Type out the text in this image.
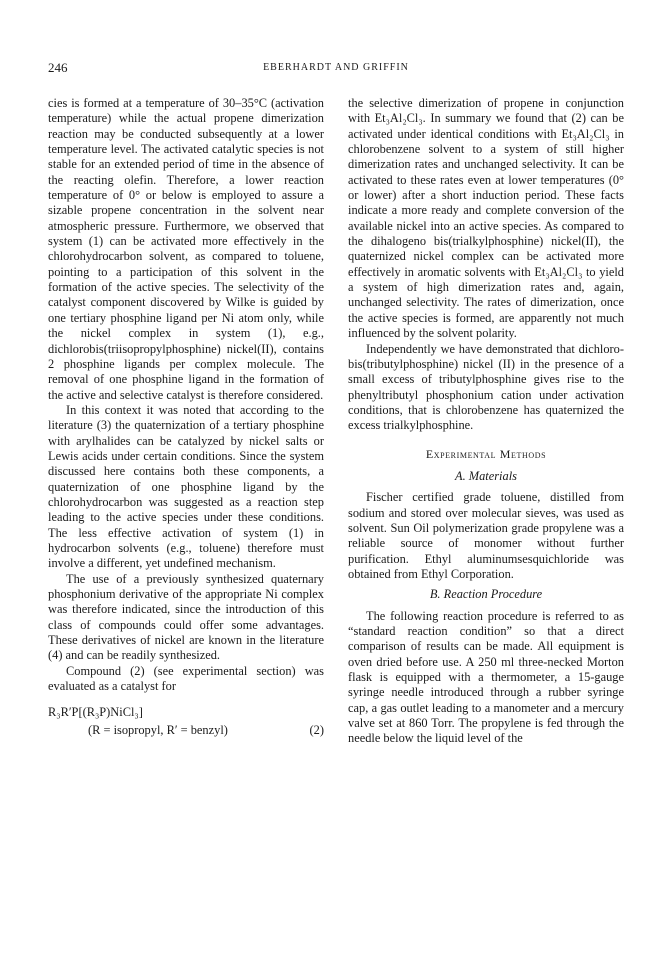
246	EBERHARDT AND GRIFFIN

cies is formed at a temperature of 30–35°C (activation temperature) while the actual propene dimerization reaction may be conducted subsequently at a lower temperature level. The activated catalytic species is not stable for an extended period of time in the absence of the reacting olefin. Therefore, a lower reaction temperature of 0° or below is employed to assure a sizable propene concentration in the solvent near atmospheric pressure. Furthermore, we observed that system (1) can be activated more effectively in the chlorohydrocarbon solvent, as compared to toluene, pointing to a participation of this solvent in the formation of the active species. The selectivity of the catalyst component discovered by Wilke is guided by one tertiary phosphine ligand per Ni atom only, while the nickel complex in system (1), e.g., dichlorobis(triisopropylphosphine) nickel(II), contains 2 phosphine ligands per complex molecule. The removal of one phosphine ligand in the formation of the active and selective catalyst is therefore considered.

In this context it was noted that according to the literature (3) the quaternization of a tertiary phosphine with arylhalides can be catalyzed by nickel salts or Lewis acids under certain conditions. Since the system discussed here contains both these components, a quaternization of one phosphine ligand by the chlorohydrocarbon was suggested as a reaction step leading to the active species under these conditions. The less effective activation of system (1) in hydrocarbon solvents (e.g., toluene) therefore must involve a different, yet undefined mechanism.

The use of a previously synthesized quaternary phosphonium derivative of the appropriate Ni complex was therefore indicated, since the introduction of this class of compounds could offer some advantages. These derivatives of nickel are known in the literature (4) and can be readily synthesized.

Compound (2) (see experimental section) was evaluated as a catalyst for

R₃R′P[(R₃P)NiCl₃]
(R = isopropyl, R′ = benzyl)	(2)

the selective dimerization of propene in conjunction with Et₃Al₂Cl₃. In summary we found that (2) can be activated under identical conditions with Et₃Al₂Cl₃ in chlorobenzene solvent to a system of still higher dimerization rates and unchanged selectivity. It can be activated to these rates even at lower temperatures (0° or lower) after a short induction period. These facts indicate a more ready and complete conversion of the available nickel into an active species. As compared to the dihalogeno bis(trialkylphosphine) nickel(II), the quaternized nickel complex can be activated more effectively in aromatic solvents with Et₃Al₂Cl₃ to yield a system of high dimerization rates and, again, unchanged selectivity. The rates of dimerization, once the active species is formed, are apparently not much influenced by the solvent polarity.

Independently we have demonstrated that dichloro-bis(tributylphosphine) nickel (II) in the presence of a small excess of tributylphosphine gives rise to the phenyltributyl phosphonium cation under activation conditions, that is chlorobenzene has quaternized the excess trialkylphosphine.

Experimental Methods
A. Materials

Fischer certified grade toluene, distilled from sodium and stored over molecular sieves, was used as solvent. Sun Oil polymerization grade propylene was a reliable source of monomer without further purification. Ethyl aluminumsesquichloride was obtained from Ethyl Corporation.

B. Reaction Procedure

The following reaction procedure is referred to as “standard reaction condition” so that a direct comparison of results can be made. All equipment is oven dried before use. A 250 ml three-necked Morton flask is equipped with a thermometer, a 15-gauge syringe needle introduced through a rubber syringe cap, a gas outlet leading to a manometer and a mercury valve set at 860 Torr. The propylene is fed through the needle below the liquid level of the
